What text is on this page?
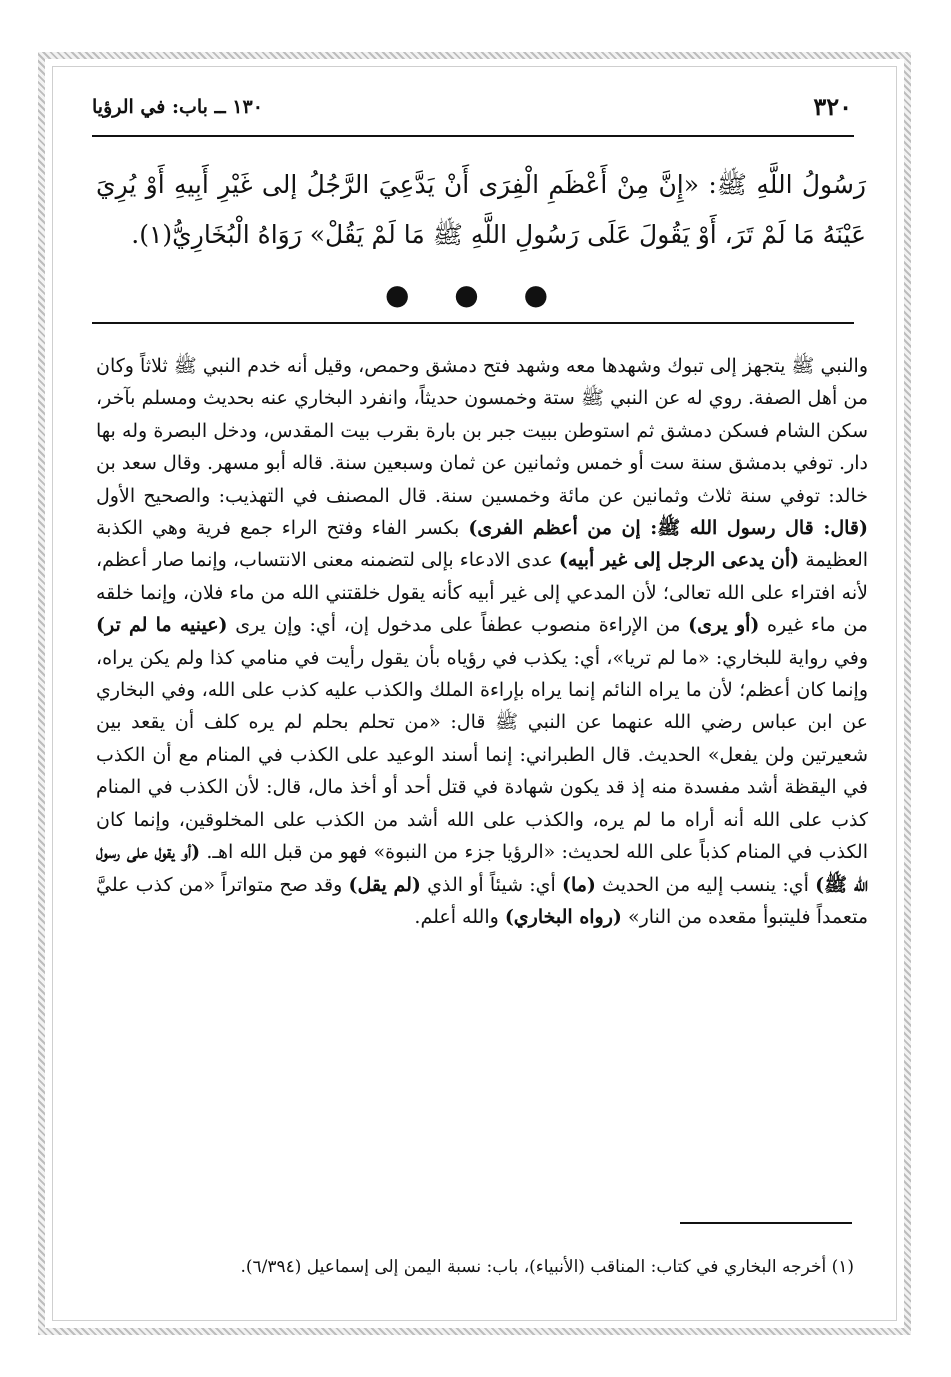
٣٢٠
١٣٠ ــ باب: في الرؤيا
رَسُولُ اللَّهِ ﷺ: «إِنَّ مِنْ أَعْظَمِ الْفِرَى أَنْ يَدَّعِيَ الرَّجُلُ إلى غَيْرِ أَبِيهِ أَوْ يُرِيَ عَيْنَهُ مَا لَمْ تَرَ، أَوْ يَقُولَ عَلَى رَسُولِ اللَّهِ ﷺ مَا لَمْ يَقُلْ» رَوَاهُ الْبُخَارِيُّ(١).
● ● ●
والنبي ﷺ يتجهز إلى تبوك وشهدها معه وشهد فتح دمشق وحمص، وقيل أنه خدم النبي ﷺ ثلاثاً وكان من أهل الصفة. روي له عن النبي ﷺ ستة وخمسون حديثاً، وانفرد البخاري عنه بحديث ومسلم بآخر، سكن الشام فسكن دمشق ثم استوطن ببيت جبر بن بارة بقرب بيت المقدس، ودخل البصرة وله بها دار. توفي بدمشق سنة ست أو خمس وثمانين عن ثمان وسبعين سنة. قاله أبو مسهر. وقال سعد بن خالد: توفي سنة ثلاث وثمانين عن مائة وخمسين سنة. قال المصنف في التهذيب: والصحيح الأول (قال: قال رسول الله ﷺ: إن من أعظم الفرى) بكسر الفاء وفتح الراء جمع فرية وهي الكذبة العظيمة (أن يدعى الرجل إلى غير أبيه) عدى الادعاء بإلى لتضمنه معنى الانتساب، وإنما صار أعظم، لأنه افتراء على الله تعالى؛ لأن المدعي إلى غير أبيه كأنه يقول خلقتني الله من ماء فلان، وإنما خلقه من ماء غيره (أو يرى) من الإراءة منصوب عطفاً على مدخول إن، أي: وإن يرى (عينيه ما لم تر) وفي رواية للبخاري: «ما لم تريا»، أي: يكذب في رؤياه بأن يقول رأيت في منامي كذا ولم يكن يراه، وإنما كان أعظم؛ لأن ما يراه النائم إنما يراه بإراءة الملك والكذب عليه كذب على الله، وفي البخاري عن ابن عباس رضي الله عنهما عن النبي ﷺ قال: «من تحلم بحلم لم يره كلف أن يقعد بين شعيرتين ولن يفعل» الحديث. قال الطبراني: إنما أسند الوعيد على الكذب في المنام مع أن الكذب في اليقظة أشد مفسدة منه إذ قد يكون شهادة في قتل أحد أو أخذ مال، قال: لأن الكذب في المنام كذب على الله أنه أراه ما لم يره، والكذب على الله أشد من الكذب على المخلوقين، وإنما كان الكذب في المنام كذباً على الله لحديث: «الرؤيا جزء من النبوة» فهو من قبل الله اهـ. (أو يقول على رسول الله ﷺ) أي: ينسب إليه من الحديث (ما) أي: شيئاً أو الذي (لم يقل) وقد صح متواتراً «من كذب عليَّ متعمداً فليتبوأ مقعده من النار» (رواه البخاري) والله أعلم.
(١) أخرجه البخاري في كتاب: المناقب (الأنبياء)، باب: نسبة اليمن إلى إسماعيل (٦/٣٩٤).
